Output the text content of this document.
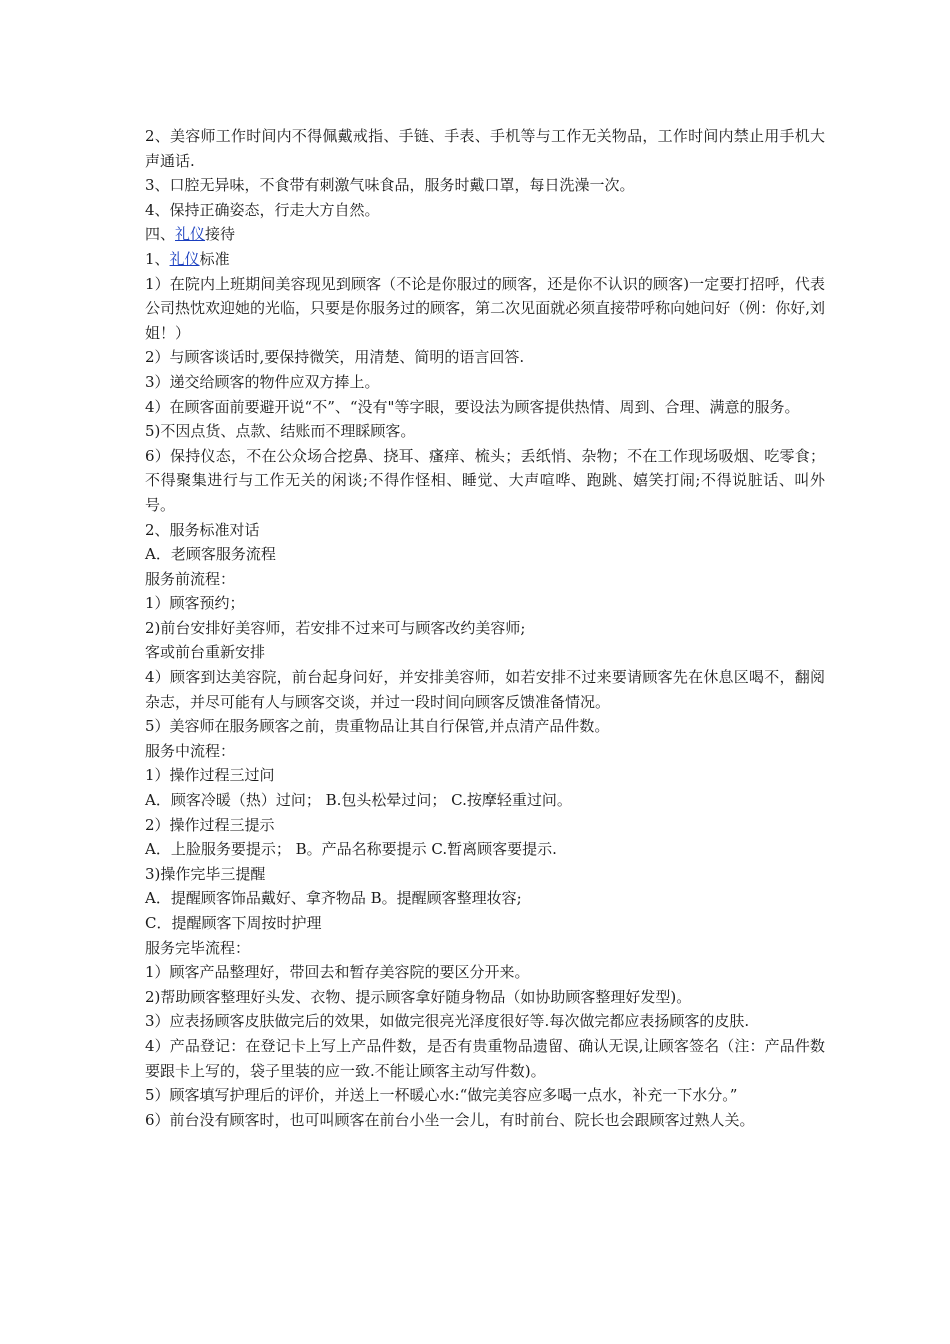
2、美容师工作时间内不得佩戴戒指、手链、手表、手机等与工作无关物品，工作时间内禁止用手机大声通话.

3、口腔无异味，不食带有刺激气味食品，服务时戴口罩，每日洗澡一次。

4、保持正确姿态，行走大方自然。

四、礼仪接待

1、礼仪标准

1）在院内上班期间美容现见到顾客（不论是你服过的顾客，还是你不认识的顾客)一定要打招呼，代表公司热忱欢迎她的光临，只要是你服务过的顾客，第二次见面就必须直接带呼称向她问好（例：你好,刘姐！）

2）与顾客谈话时,要保持微笑，用清楚、简明的语言回答.

3）递交给顾客的物件应双方捧上。

4）在顾客面前要避开说“不”、“没有"等字眼，要设法为顾客提供热情、周到、合理、满意的服务。

5)不因点货、点款、结账而不理睬顾客。

6）保持仪态，不在公众场合挖鼻、挠耳、瘙痒、梳头；丢纸悄、杂物；不在工作现场吸烟、吃零食；不得聚集进行与工作无关的闲谈;不得作怪相、睡觉、大声喧哗、跑跳、嬉笑打闹;不得说脏话、叫外号。

2、服务标准对话

A．老顾客服务流程

服务前流程：

1）顾客预约；

2)前台安排好美容师，若安排不过来可与顾客改约美容师;

客或前台重新安排

4）顾客到达美容院，前台起身问好，并安排美容师，如若安排不过来要请顾客先在休息区喝不，翻阅杂志，并尽可能有人与顾客交谈，并过一段时间向顾客反馈准备情况。

5）美容师在服务顾客之前，贵重物品让其自行保管,并点清产品件数。

服务中流程：

1）操作过程三过问

A．顾客冷暖（热）过问； B.包头松晕过问； C.按摩轻重过问。

2）操作过程三提示

A．上脸服务要提示； B。产品名称要提示 C.暂离顾客要提示.

3)操作完毕三提醒

A．提醒顾客饰品戴好、拿齐物品 B。提醒顾客整理妆容;

C．提醒顾客下周按时护理

服务完毕流程：

1）顾客产品整理好，带回去和暂存美容院的要区分开来。

2)帮助顾客整理好头发、衣物、提示顾客拿好随身物品（如协助顾客整理好发型)。

3）应表扬顾客皮肤做完后的效果，如做完很亮光泽度很好等.每次做完都应表扬顾客的皮肤.

4）产品登记：在登记卡上写上产品件数，是否有贵重物品遗留、确认无误,让顾客签名（注：产品件数要跟卡上写的，袋子里装的应一致.不能让顾客主动写件数)。

5）顾客填写护理后的评价，并送上一杯暖心水:“做完美容应多喝一点水，补充一下水分。”

6）前台没有顾客时，也可叫顾客在前台小坐一会儿，有时前台、院长也会跟顾客过熟人关。
